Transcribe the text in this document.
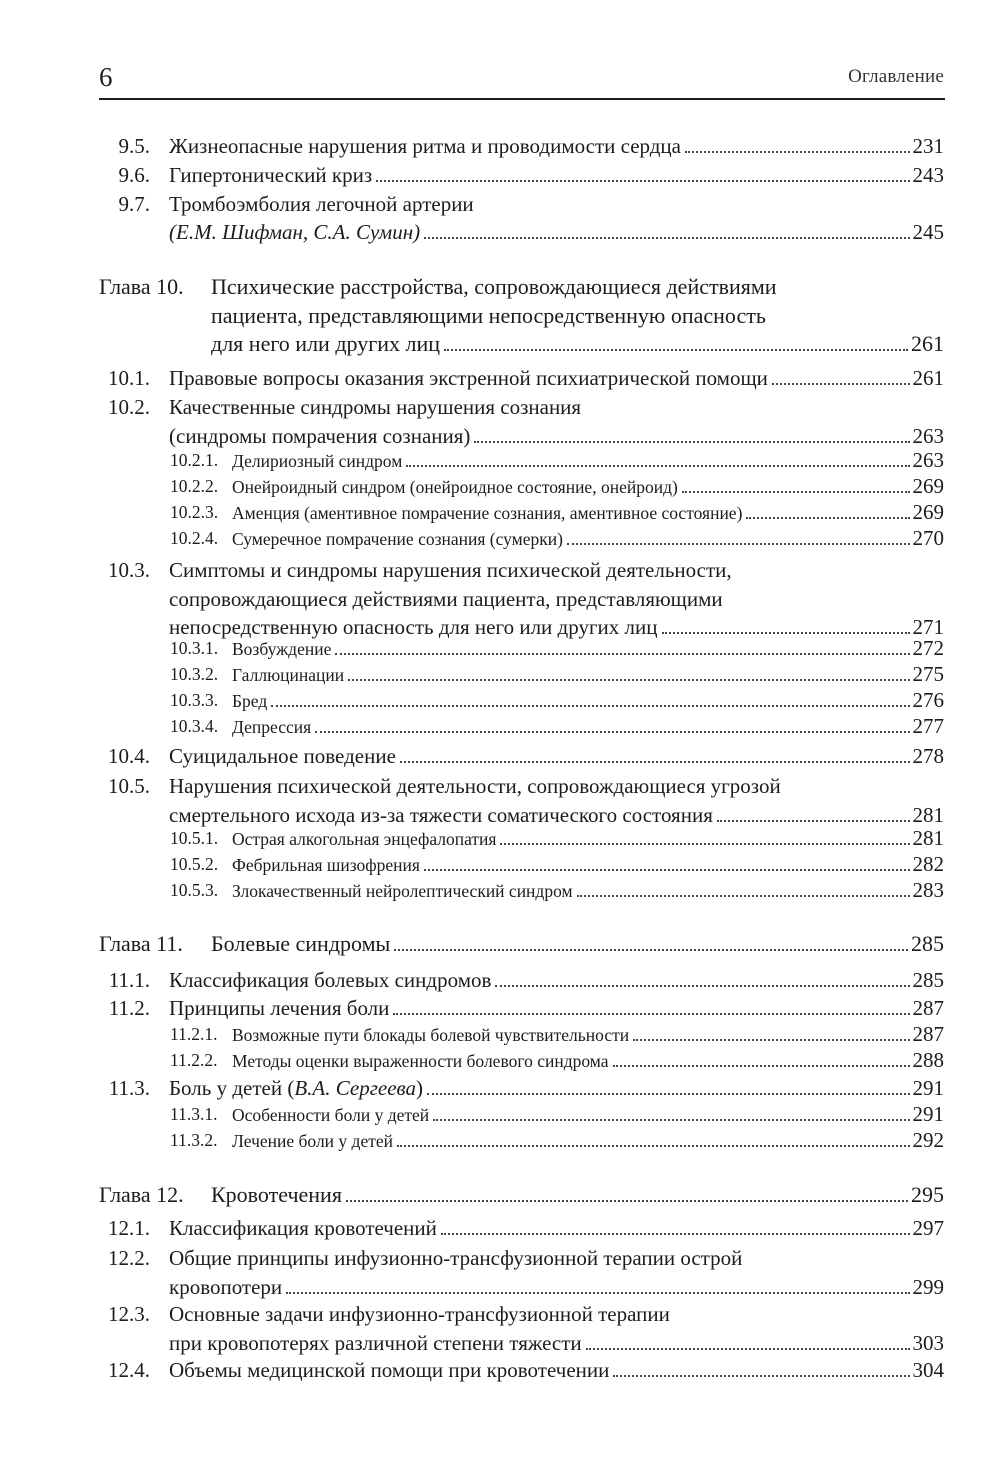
6	Оглавление
9.5. Жизнеопасные нарушения ритма и проводимости сердца	231
9.6. Гипертонический криз	243
9.7. Тромбоэмболия легочной артерии
(Е.М. Шифман, С.А. Сумин)	245
Глава 10. Психические расстройства, сопровождающиеся действиями
пациента, представляющими непосредственную опасность
для него или других лиц	261
10.1. Правовые вопросы оказания экстренной психиатрической помощи	261
10.2. Качественные синдромы нарушения сознания
(синдромы помрачения сознания)	263
10.2.1. Делириозный синдром	263
10.2.2. Онейроидный синдром (онейроидное состояние, онейроид)	269
10.2.3. Аменция (аментивное помрачение сознания, аментивное состояние)	269
10.2.4. Сумеречное помрачение сознания (сумерки)	270
10.3. Симптомы и синдромы нарушения психической деятельности,
сопровождающиеся действиями пациента, представляющими
непосредственную опасность для него или других лиц	271
10.3.1. Возбуждение	272
10.3.2. Галлюцинации	275
10.3.3. Бред	276
10.3.4. Депрессия	277
10.4. Суицидальное поведение	278
10.5. Нарушения психической деятельности, сопровождающиеся угрозой
смертельного исхода из-за тяжести соматического состояния	281
10.5.1. Острая алкогольная энцефалопатия	281
10.5.2. Фебрильная шизофрения	282
10.5.3. Злокачественный нейролептический синдром	283
Глава 11. Болевые синдромы	285
11.1. Классификация болевых синдромов	285
11.2. Принципы лечения боли	287
11.2.1. Возможные пути блокады болевой чувствительности	287
11.2.2. Методы оценки выраженности болевого синдрома	288
11.3. Боль у детей (В.А. Сергеева)	291
11.3.1. Особенности боли у детей	291
11.3.2. Лечение боли у детей	292
Глава 12. Кровотечения	295
12.1. Классификация кровотечений	297
12.2. Общие принципы инфузионно-трансфузионной терапии острой
кровопотери	299
12.3. Основные задачи инфузионно-трансфузионной терапии
при кровопотерях различной степени тяжести	303
12.4. Объемы медицинской помощи при кровотечении	304
